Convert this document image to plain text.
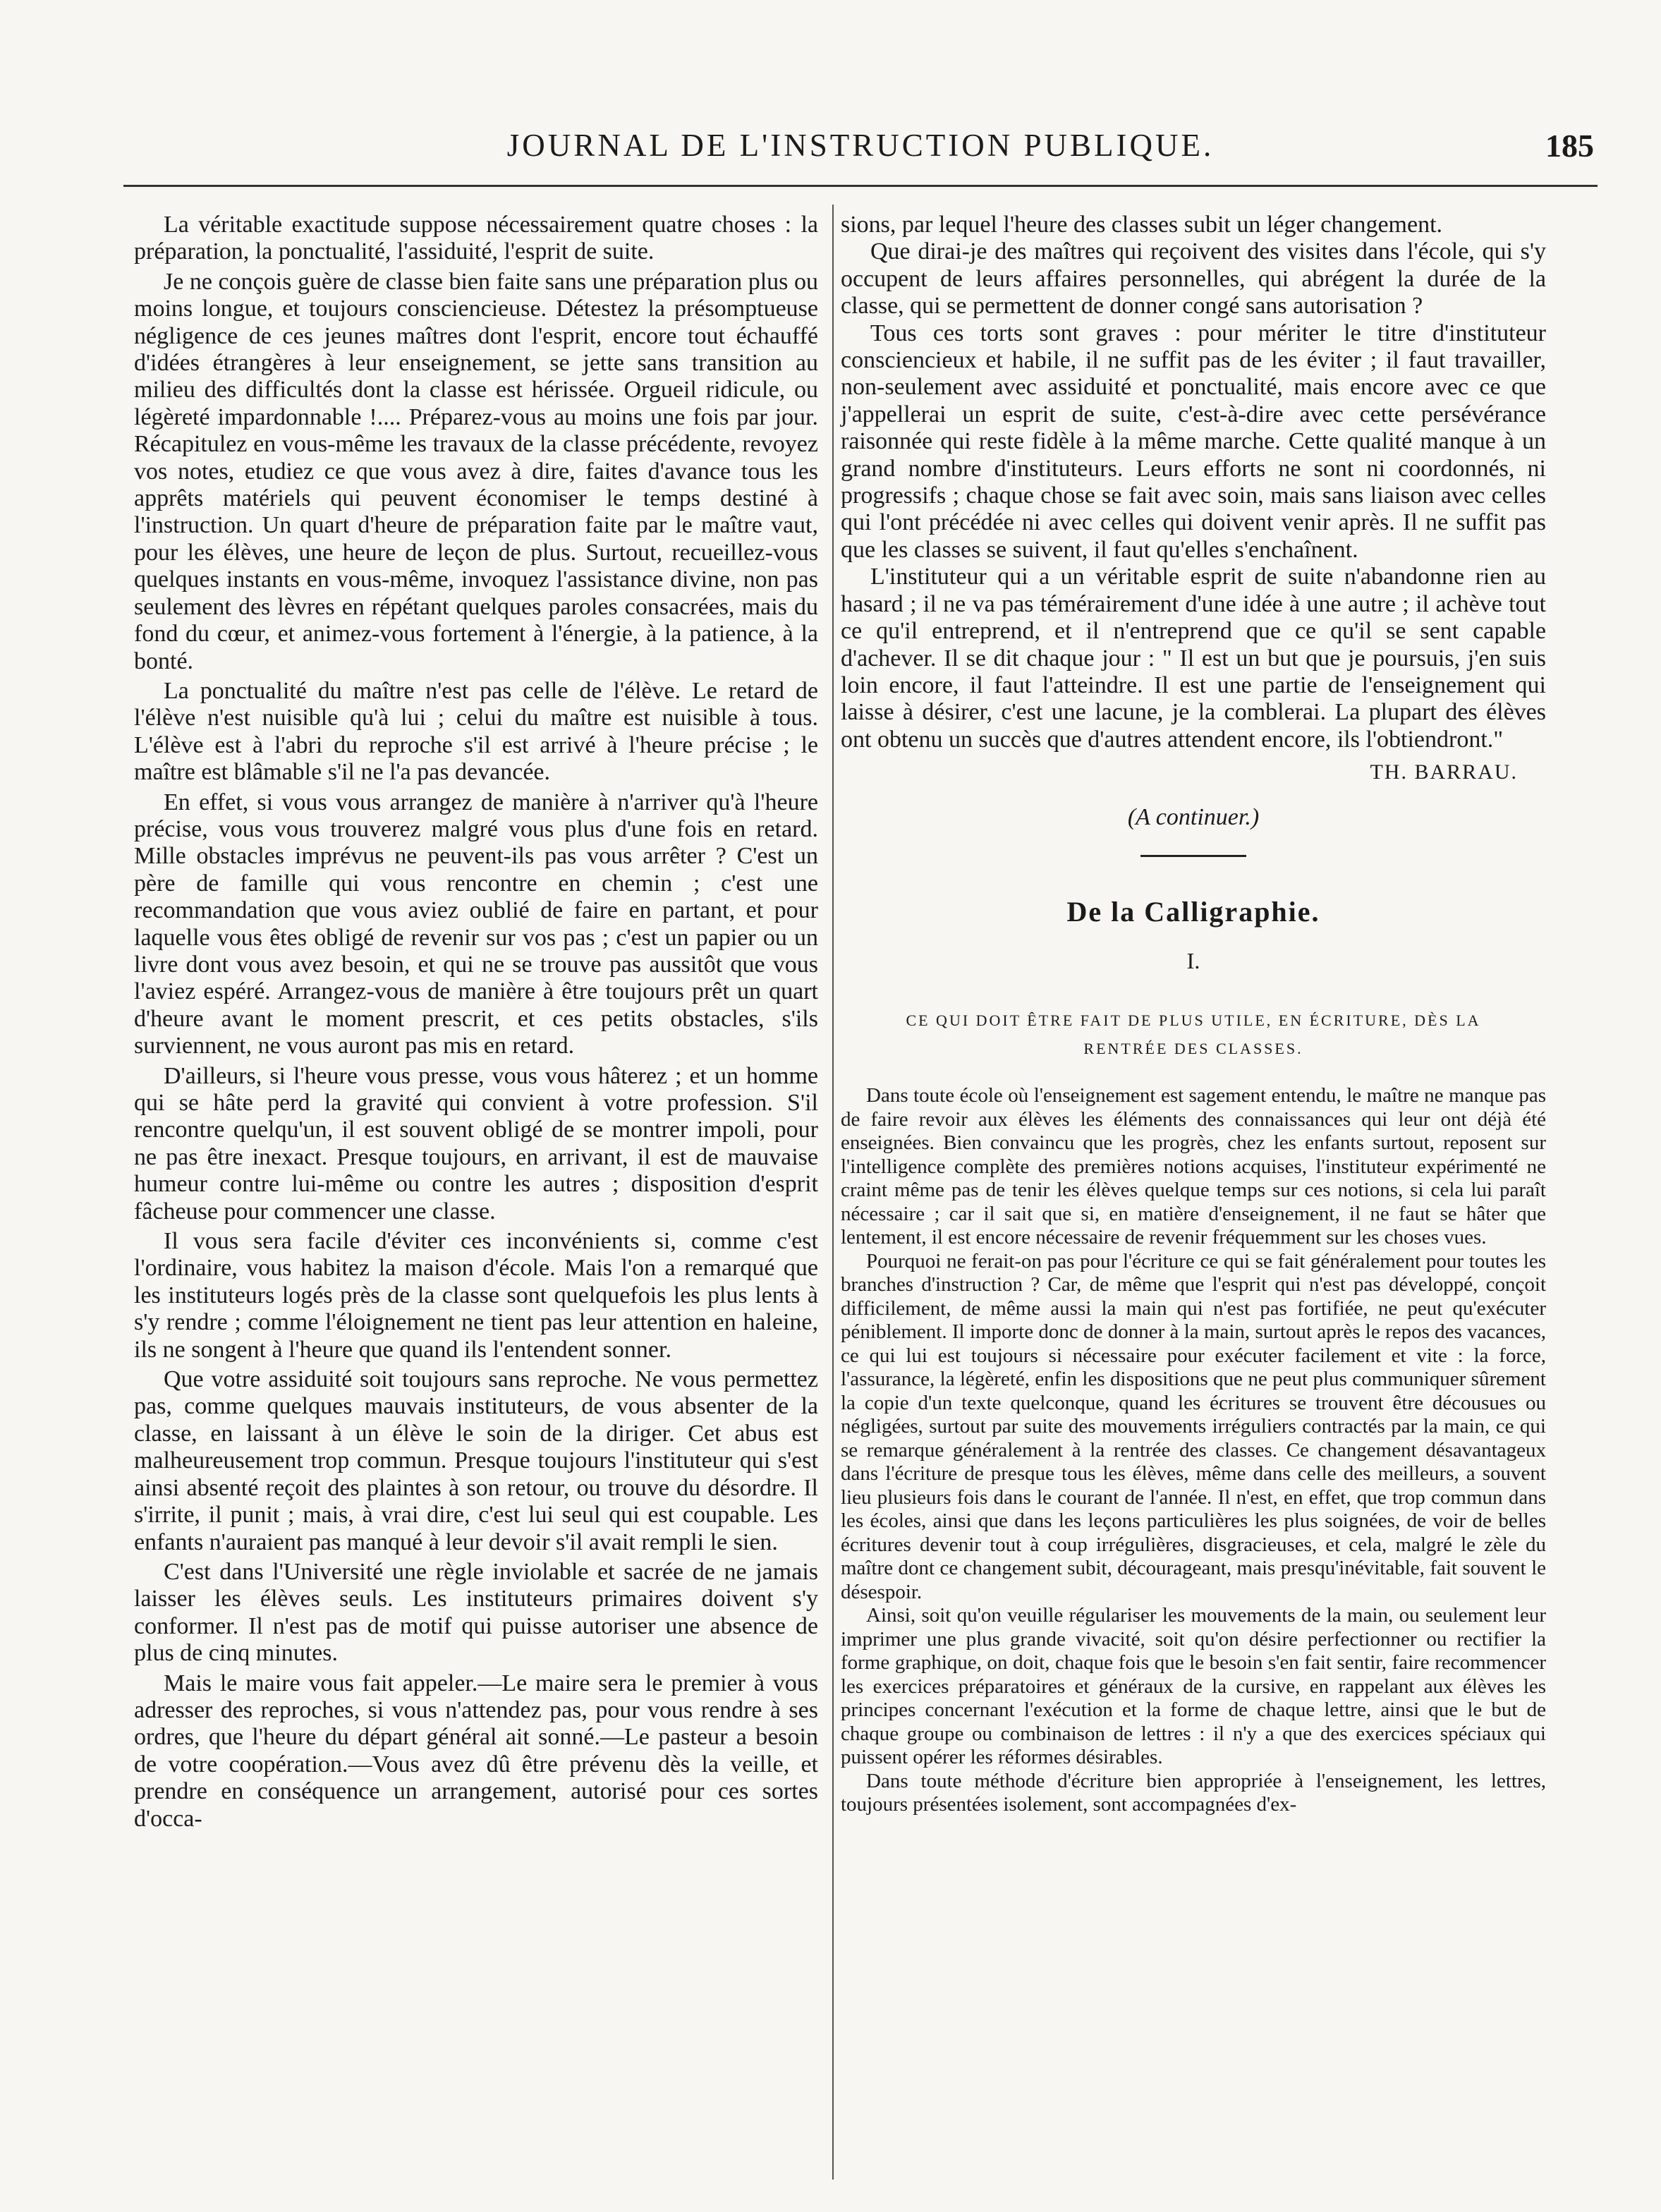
JOURNAL DE L'INSTRUCTION PUBLIQUE.	185

La véritable exactitude suppose nécessairement quatre choses : la préparation, la ponctualité, l'assiduité, l'esprit de suite.

Je ne conçois guère de classe bien faite sans une préparation plus ou moins longue, et toujours consciencieuse. Détestez la présomptueuse négligence de ces jeunes maîtres dont l'esprit, encore tout échauffé d'idées étrangères à leur enseignement, se jette sans transition au milieu des difficultés dont la classe est hérissée. Orgueil ridicule, ou légèreté impardonnable !.... Préparez-vous au moins une fois par jour. Récapitulez en vous-même les travaux de la classe précédente, revoyez vos notes, etudiez ce que vous avez à dire, faites d'avance tous les apprêts matériels qui peuvent économiser le temps destiné à l'instruction. Un quart d'heure de préparation faite par le maître vaut, pour les élèves, une heure de leçon de plus. Surtout, recueillez-vous quelques instants en vous-même, invoquez l'assistance divine, non pas seulement des lèvres en répétant quelques paroles consacrées, mais du fond du cœur, et animez-vous fortement à l'énergie, à la patience, à la bonté.

La ponctualité du maître n'est pas celle de l'élève. Le retard de l'élève n'est nuisible qu'à lui ; celui du maître est nuisible à tous. L'élève est à l'abri du reproche s'il est arrivé à l'heure précise ; le maître est blâmable s'il ne l'a pas devancée.

En effet, si vous vous arrangez de manière à n'arriver qu'à l'heure précise, vous vous trouverez malgré vous plus d'une fois en retard. Mille obstacles imprévus ne peuvent-ils pas vous arrêter ? C'est un père de famille qui vous rencontre en chemin ; c'est une recommandation que vous aviez oublié de faire en partant, et pour laquelle vous êtes obligé de revenir sur vos pas ; c'est un papier ou un livre dont vous avez besoin, et qui ne se trouve pas aussitôt que vous l'aviez espéré. Arrangez-vous de manière à être toujours prêt un quart d'heure avant le moment prescrit, et ces petits obstacles, s'ils surviennent, ne vous auront pas mis en retard.

D'ailleurs, si l'heure vous presse, vous vous hâterez ; et un homme qui se hâte perd la gravité qui convient à votre profession. S'il rencontre quelqu'un, il est souvent obligé de se montrer impoli, pour ne pas être inexact. Presque toujours, en arrivant, il est de mauvaise humeur contre lui-même ou contre les autres ; disposition d'esprit fâcheuse pour commencer une classe.

Il vous sera facile d'éviter ces inconvénients si, comme c'est l'ordinaire, vous habitez la maison d'école. Mais l'on a remarqué que les instituteurs logés près de la classe sont quelquefois les plus lents à s'y rendre ; comme l'éloignement ne tient pas leur attention en haleine, ils ne songent à l'heure que quand ils l'entendent sonner.

Que votre assiduité soit toujours sans reproche. Ne vous permettez pas, comme quelques mauvais instituteurs, de vous absenter de la classe, en laissant à un élève le soin de la diriger. Cet abus est malheureusement trop commun. Presque toujours l'instituteur qui s'est ainsi absenté reçoit des plaintes à son retour, ou trouve du désordre. Il s'irrite, il punit ; mais, à vrai dire, c'est lui seul qui est coupable. Les enfants n'auraient pas manqué à leur devoir s'il avait rempli le sien.

C'est dans l'Université une règle inviolable et sacrée de ne jamais laisser les élèves seuls. Les instituteurs primaires doivent s'y conformer. Il n'est pas de motif qui puisse autoriser une absence de plus de cinq minutes.

Mais le maire vous fait appeler.—Le maire sera le premier à vous adresser des reproches, si vous n'attendez pas, pour vous rendre à ses ordres, que l'heure du départ général ait sonné.—Le pasteur a besoin de votre coopération.—Vous avez dû être prévenu dès la veille, et prendre en conséquence un arrangement, autorisé pour ces sortes d'occa-

sions, par lequel l'heure des classes subit un léger changement.

Que dirai-je des maîtres qui reçoivent des visites dans l'école, qui s'y occupent de leurs affaires personnelles, qui abrégent la durée de la classe, qui se permettent de donner congé sans autorisation ?

Tous ces torts sont graves : pour mériter le titre d'instituteur consciencieux et habile, il ne suffit pas de les éviter ; il faut travailler, non-seulement avec assiduité et ponctualité, mais encore avec ce que j'appellerai un esprit de suite, c'est-à-dire avec cette persévérance raisonnée qui reste fidèle à la même marche. Cette qualité manque à un grand nombre d'instituteurs. Leurs efforts ne sont ni coordonnés, ni progressifs ; chaque chose se fait avec soin, mais sans liaison avec celles qui l'ont précédée ni avec celles qui doivent venir après. Il ne suffit pas que les classes se suivent, il faut qu'elles s'enchaînent.

L'instituteur qui a un véritable esprit de suite n'abandonne rien au hasard ; il ne va pas témérairement d'une idée à une autre ; il achève tout ce qu'il entreprend, et il n'entreprend que ce qu'il se sent capable d'achever. Il se dit chaque jour : " Il est un but que je poursuis, j'en suis loin encore, il faut l'atteindre. Il est une partie de l'enseignement qui laisse à désirer, c'est une lacune, je la comblerai. La plupart des élèves ont obtenu un succès que d'autres attendent encore, ils l'obtiendront."

TH. BARRAU.

(A continuer.)

De la Calligraphie.

I.

CE QUI DOIT ÊTRE FAIT DE PLUS UTILE, EN ÉCRITURE, DÈS LA RENTRÉE DES CLASSES.

Dans toute école où l'enseignement est sagement entendu, le maître ne manque pas de faire revoir aux élèves les éléments des connaissances qui leur ont déjà été enseignées. Bien convaincu que les progrès, chez les enfants surtout, reposent sur l'intelligence complète des premières notions acquises, l'instituteur expérimenté ne craint même pas de tenir les élèves quelque temps sur ces notions, si cela lui paraît nécessaire ; car il sait que si, en matière d'enseignement, il ne faut se hâter que lentement, il est encore nécessaire de revenir fréquemment sur les choses vues.

Pourquoi ne ferait-on pas pour l'écriture ce qui se fait généralement pour toutes les branches d'instruction ? Car, de même que l'esprit qui n'est pas développé, conçoit difficilement, de même aussi la main qui n'est pas fortifiée, ne peut qu'exécuter péniblement. Il importe donc de donner à la main, surtout après le repos des vacances, ce qui lui est toujours si nécessaire pour exécuter facilement et vite : la force, l'assurance, la légèreté, enfin les dispositions que ne peut plus communiquer sûrement la copie d'un texte quelconque, quand les écritures se trouvent être décousues ou négligées, surtout par suite des mouvements irréguliers contractés par la main, ce qui se remarque généralement à la rentrée des classes. Ce changement désavantageux dans l'écriture de presque tous les élèves, même dans celle des meilleurs, a souvent lieu plusieurs fois dans le courant de l'année. Il n'est, en effet, que trop commun dans les écoles, ainsi que dans les leçons particulières les plus soignées, de voir de belles écritures devenir tout à coup irrégulières, disgracieuses, et cela, malgré le zèle du maître dont ce changement subit, décourageant, mais presqu'inévitable, fait souvent le désespoir.

Ainsi, soit qu'on veuille régulariser les mouvements de la main, ou seulement leur imprimer une plus grande vivacité, soit qu'on désire perfectionner ou rectifier la forme graphique, on doit, chaque fois que le besoin s'en fait sentir, faire recommencer les exercices préparatoires et généraux de la cursive, en rappelant aux élèves les principes concernant l'exécution et la forme de chaque lettre, ainsi que le but de chaque groupe ou combinaison de lettres : il n'y a que des exercices spéciaux qui puissent opérer les réformes désirables.

Dans toute méthode d'écriture bien appropriée à l'enseignement, les lettres, toujours présentées isolement, sont accompagnées d'ex-
